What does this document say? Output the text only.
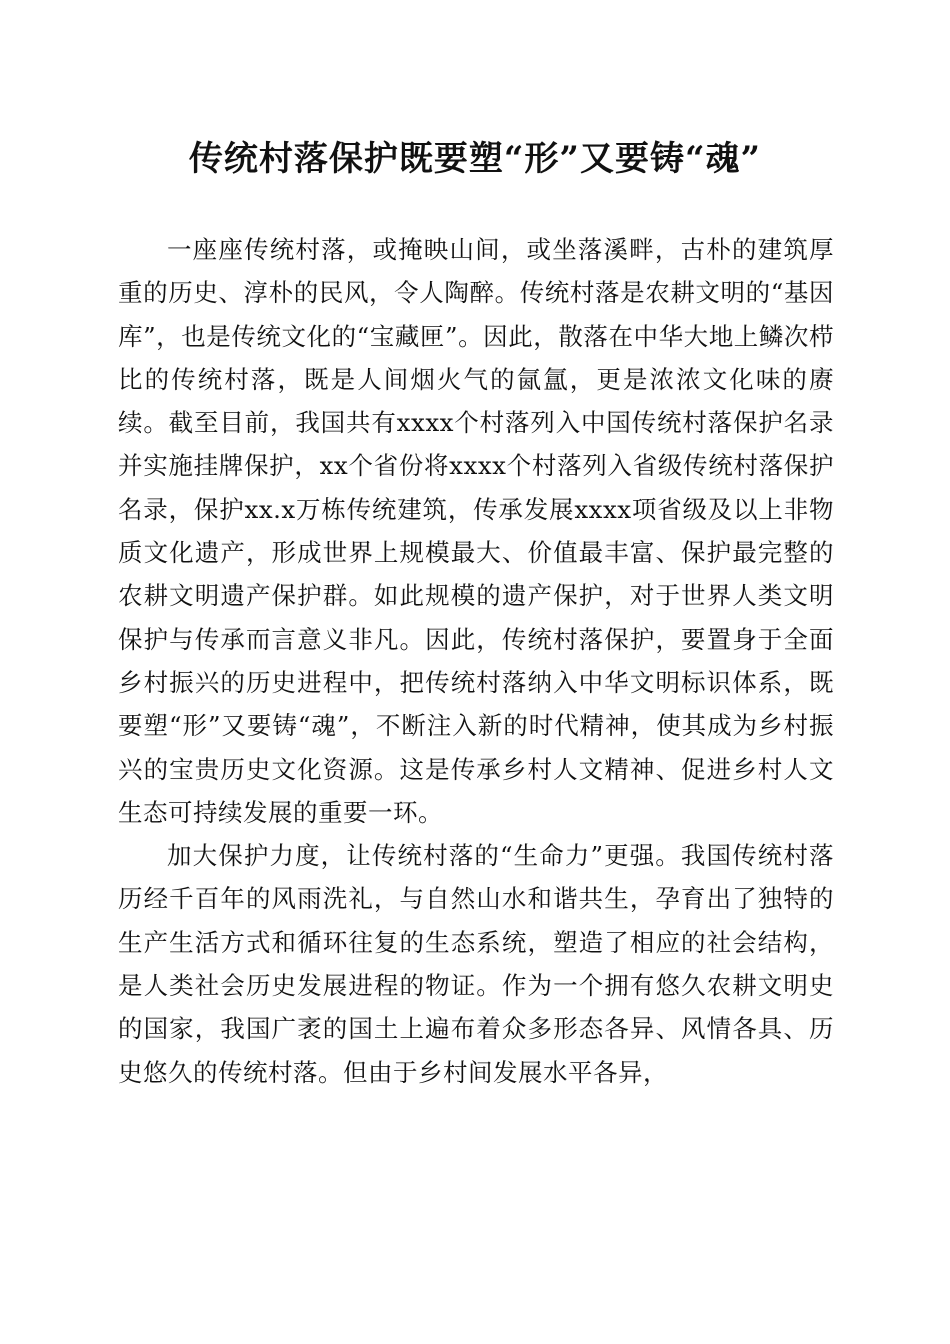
传统村落保护既要塑“形”又要铸“魂”

一座座传统村落，或掩映山间，或坐落溪畔，古朴的建筑厚重的历史、淳朴的民风，令人陶醉。传统村落是农耕文明的“基因库”，也是传统文化的“宝藏匣”。因此，散落在中华大地上鳞次栉比的传统村落，既是人间烟火气的氤氲，更是浓浓文化味的赓续。截至目前，我国共有xxxx个村落列入中国传统村落保护名录并实施挂牌保护，xx个省份将xxxx个村落列入省级传统村落保护名录，保护xx.x万栋传统建筑，传承发展xxxx项省级及以上非物质文化遗产，形成世界上规模最大、价值最丰富、保护最完整的农耕文明遗产保护群。如此规模的遗产保护，对于世界人类文明保护与传承而言意义非凡。因此，传统村落保护，要置身于全面乡村振兴的历史进程中，把传统村落纳入中华文明标识体系，既要塑“形”又要铸“魂”，不断注入新的时代精神，使其成为乡村振兴的宝贵历史文化资源。这是传承乡村人文精神、促进乡村人文生态可持续发展的重要一环。

加大保护力度，让传统村落的“生命力”更强。我国传统村落历经千百年的风雨洗礼，与自然山水和谐共生，孕育出了独特的生产生活方式和循环往复的生态系统，塑造了相应的社会结构，是人类社会历史发展进程的物证。作为一个拥有悠久农耕文明史的国家，我国广袤的国土上遍布着众多形态各异、风情各具、历史悠久的传统村落。但由于乡村间发展水平各异，
